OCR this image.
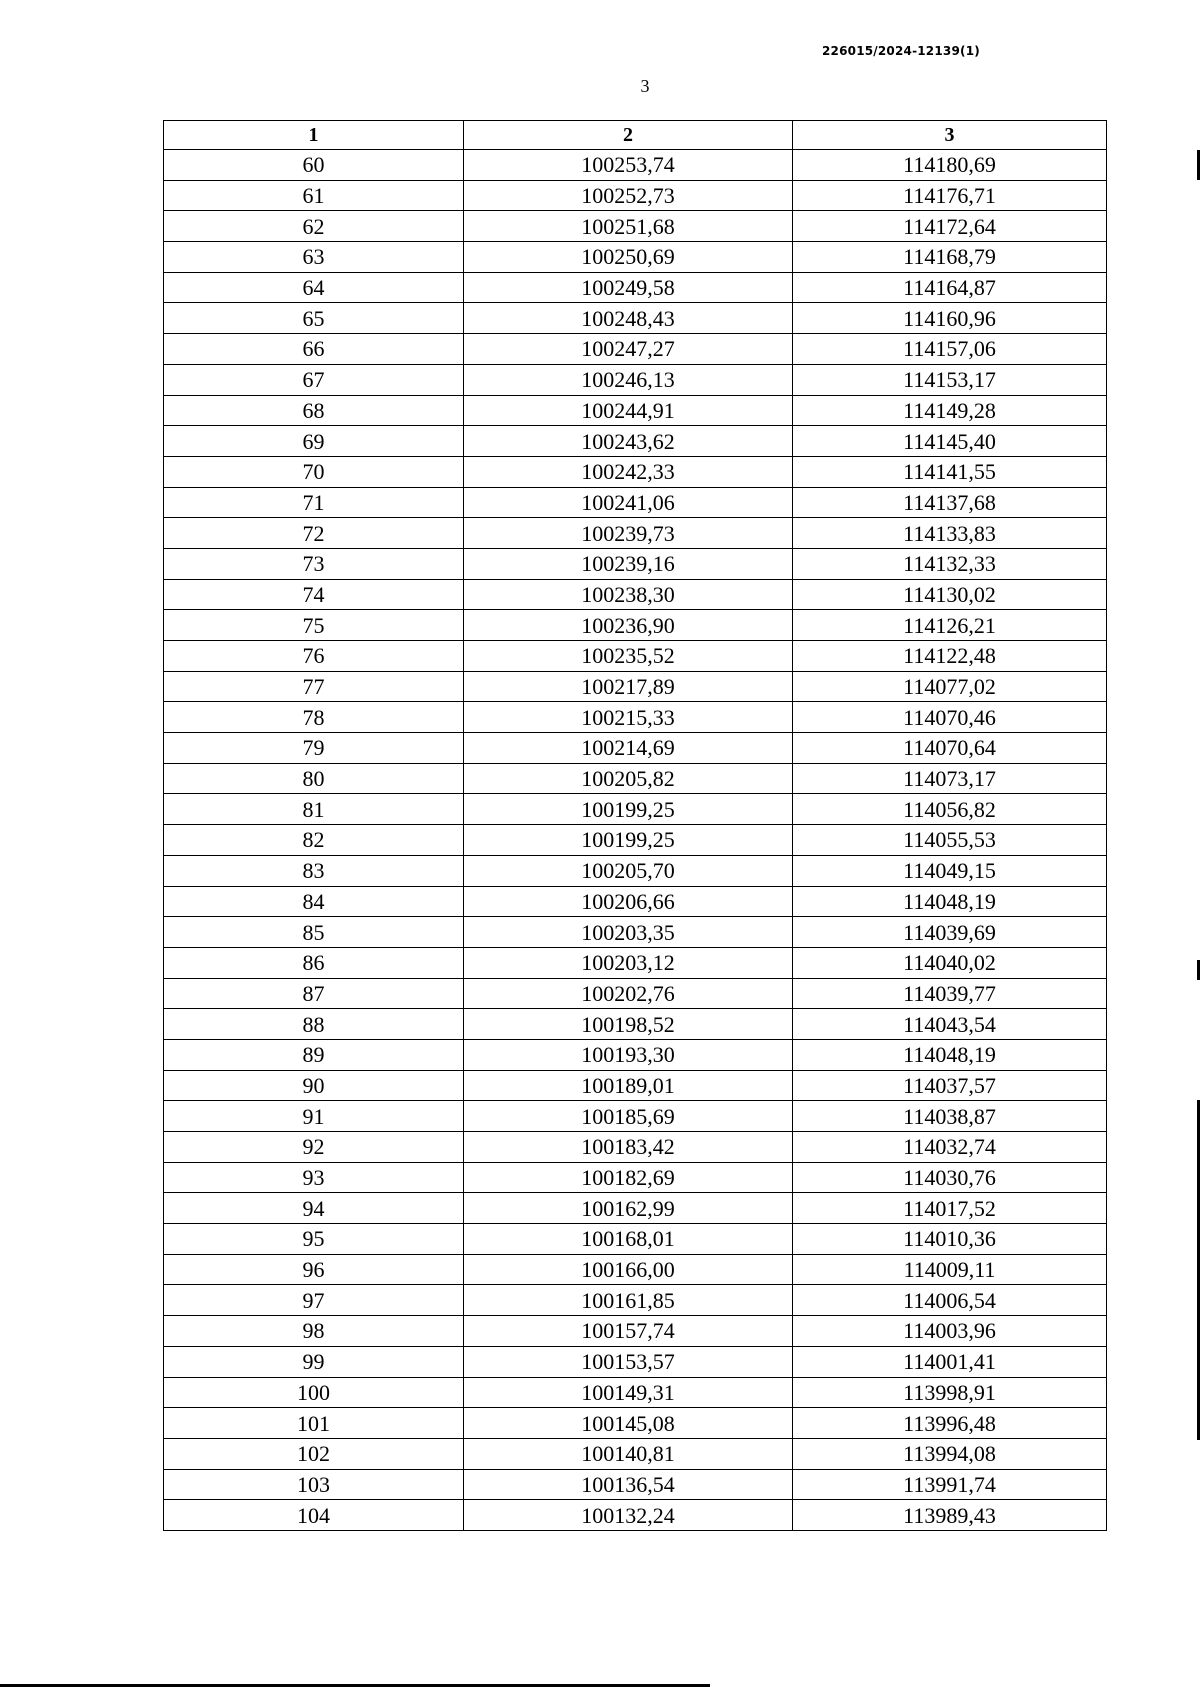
226015/2024-12139(1)
3
1	2	3
60	100253,74	114180,69
61	100252,73	114176,71
62	100251,68	114172,64
63	100250,69	114168,79
64	100249,58	114164,87
65	100248,43	114160,96
66	100247,27	114157,06
67	100246,13	114153,17
68	100244,91	114149,28
69	100243,62	114145,40
70	100242,33	114141,55
71	100241,06	114137,68
72	100239,73	114133,83
73	100239,16	114132,33
74	100238,30	114130,02
75	100236,90	114126,21
76	100235,52	114122,48
77	100217,89	114077,02
78	100215,33	114070,46
79	100214,69	114070,64
80	100205,82	114073,17
81	100199,25	114056,82
82	100199,25	114055,53
83	100205,70	114049,15
84	100206,66	114048,19
85	100203,35	114039,69
86	100203,12	114040,02
87	100202,76	114039,77
88	100198,52	114043,54
89	100193,30	114048,19
90	100189,01	114037,57
91	100185,69	114038,87
92	100183,42	114032,74
93	100182,69	114030,76
94	100162,99	114017,52
95	100168,01	114010,36
96	100166,00	114009,11
97	100161,85	114006,54
98	100157,74	114003,96
99	100153,57	114001,41
100	100149,31	113998,91
101	100145,08	113996,48
102	100140,81	113994,08
103	100136,54	113991,74
104	100132,24	113989,43
